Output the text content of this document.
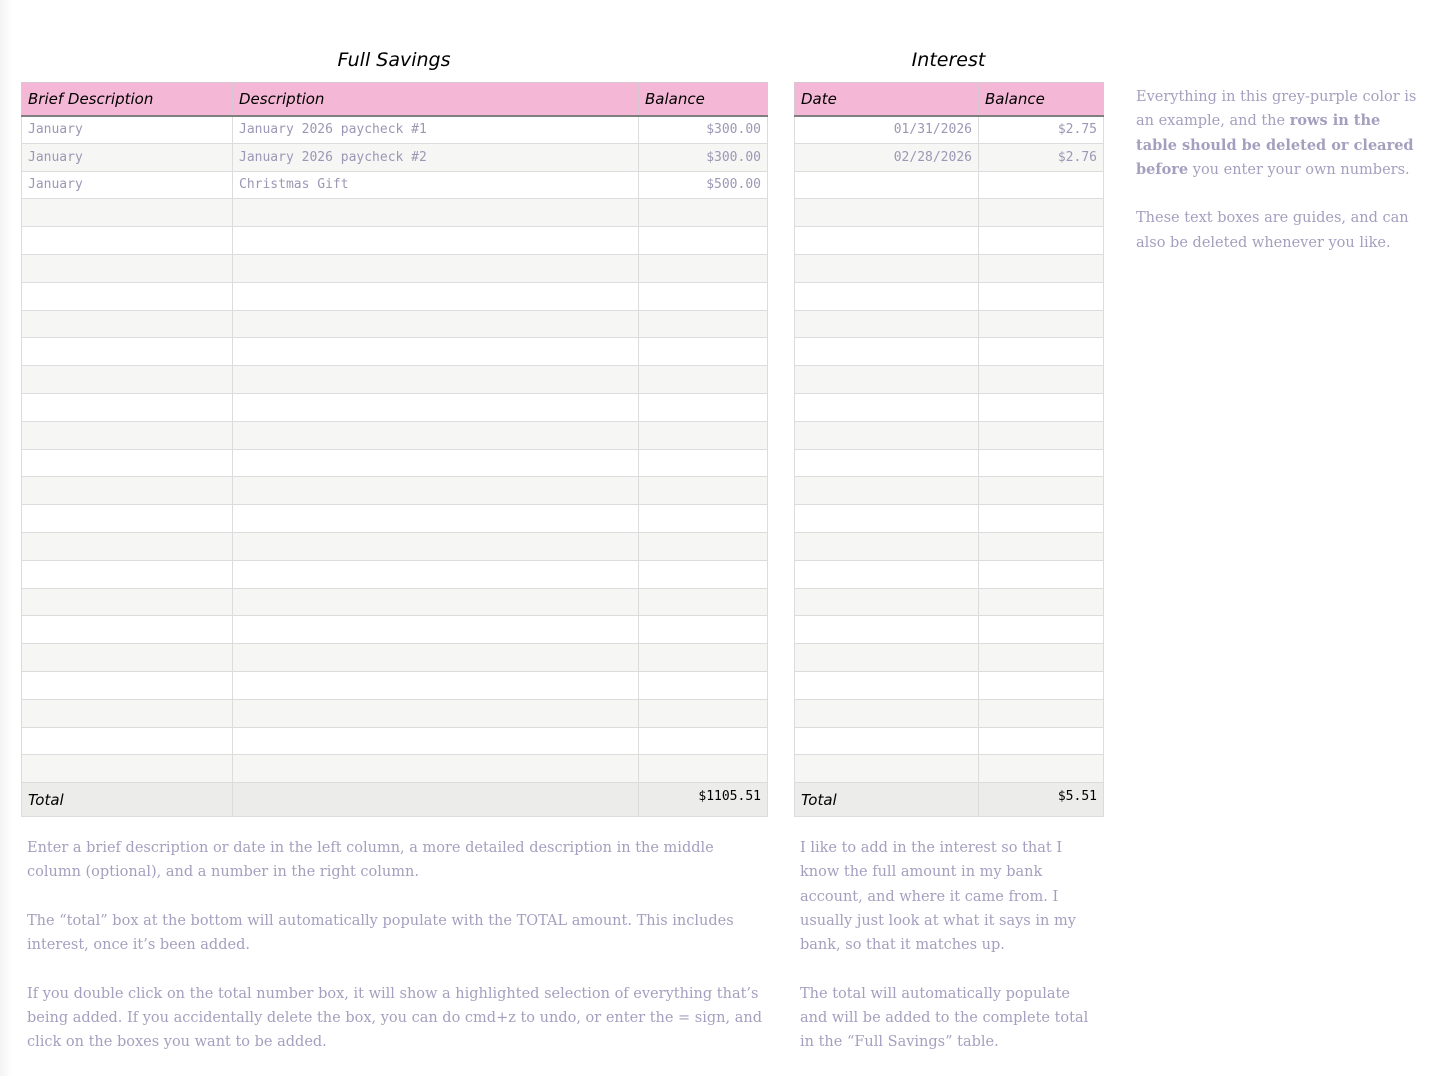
Full Savings
Brief Description	Description	Balance
January	January 2026 paycheck #1	$300.00
January	January 2026 paycheck #2	$300.00
January	Christmas Gift	$500.00

Total		$1105.51
Interest
Date	Balance
01/31/2026	$2.75
02/28/2026	$2.76

Total	$5.51

Everything in this grey-purple color is an example, and the rows in the table should be deleted or cleared before you enter your own numbers.

These text boxes are guides, and can also be deleted whenever you like.

Enter a brief description or date in the left column, a more detailed description in the middle column (optional), and a number in the right column.

The “total” box at the bottom will automatically populate with the TOTAL amount. This includes interest, once it’s been added.

If you double click on the total number box, it will show a highlighted selection of everything that’s being added. If you accidentally delete the box, you can do cmd+z to undo, or enter the = sign, and click on the boxes you want to be added.

I like to add in the interest so that I know the full amount in my bank account, and where it came from. I usually just look at what it says in my bank, so that it matches up.

The total will automatically populate and will be added to the complete total in the “Full Savings” table.
